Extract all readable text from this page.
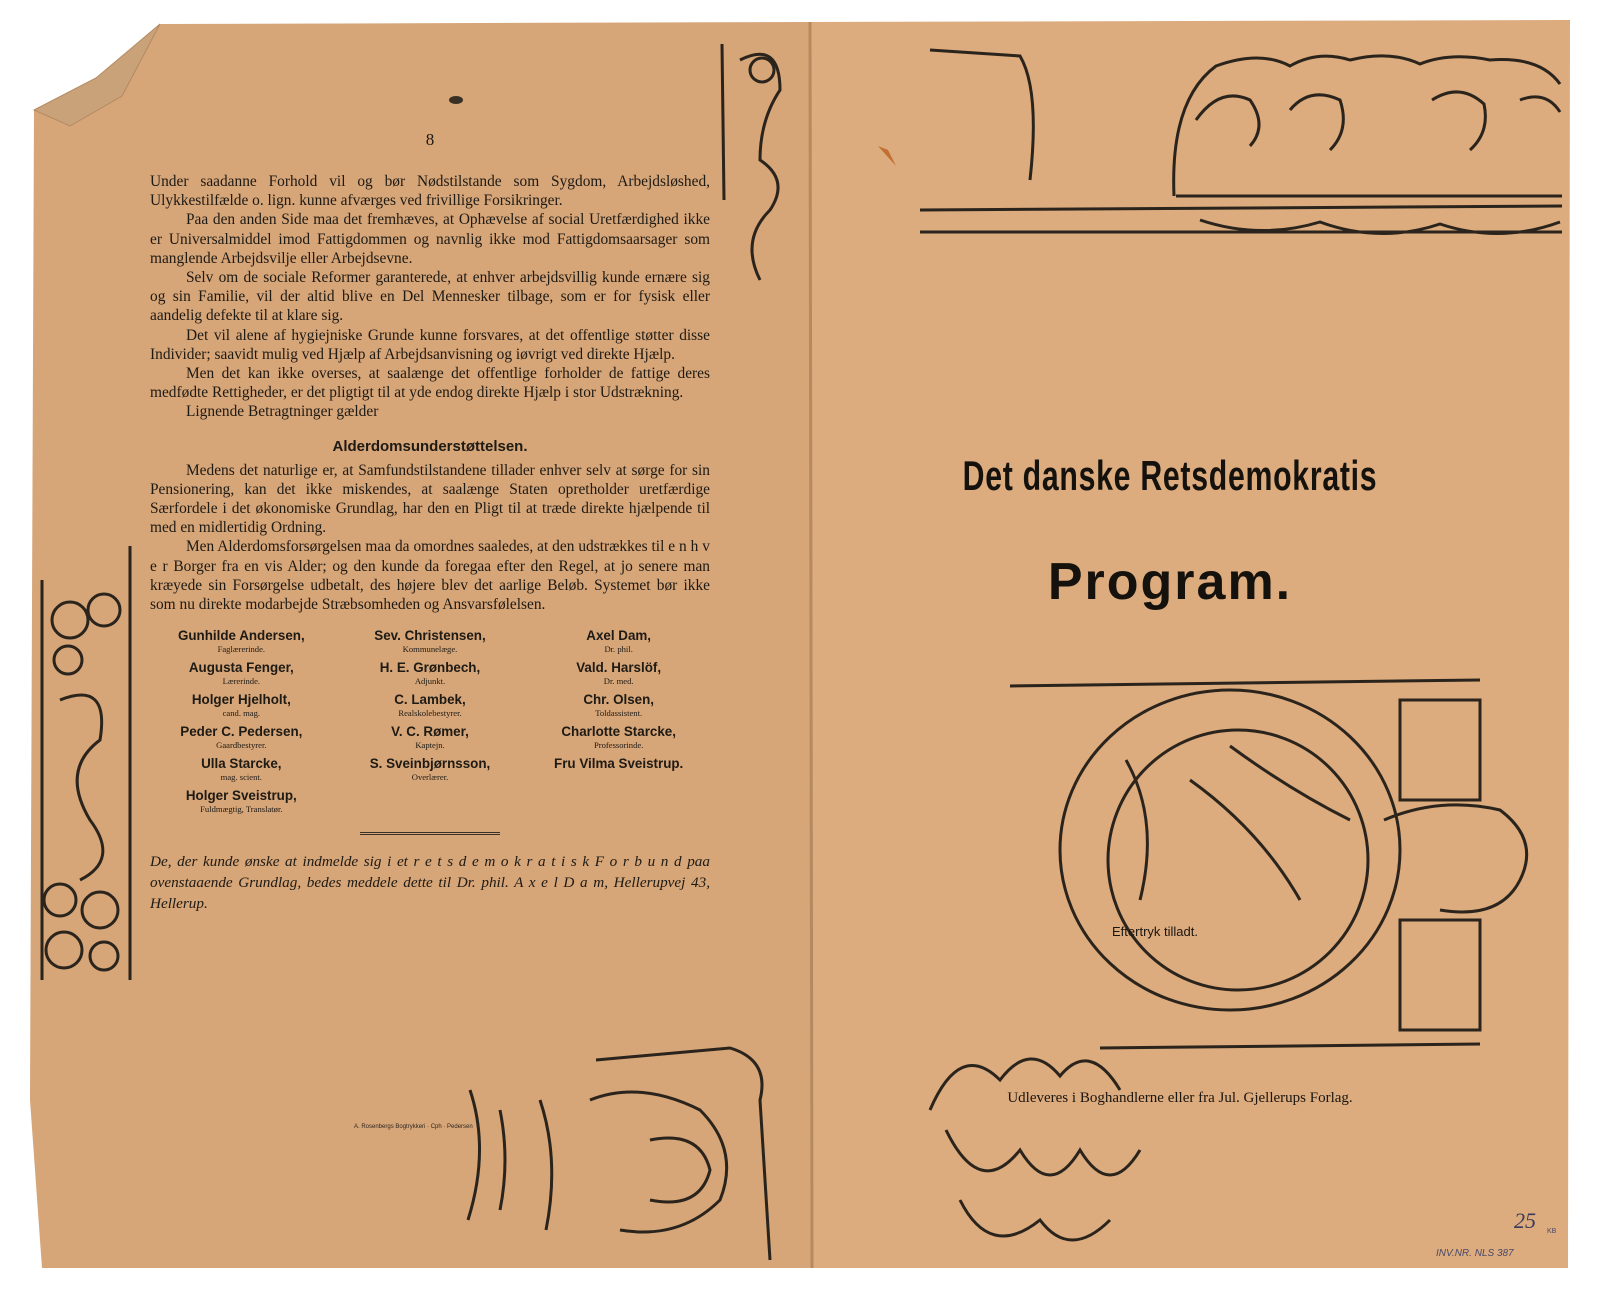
8

Under saadanne Forhold vil og bør Nødstilstande som Sygdom, Arbejdsløshed, Ulykkestilfælde o. lign. kunne afværges ved frivillige Forsikringer.

Paa den anden Side maa det fremhæves, at Ophævelse af social Uretfærdighed ikke er Universalmiddel imod Fattigdommen og navnlig ikke mod Fattigdomsaarsager som manglende Arbejdsvilje eller Arbejdsevne.

Selv om de sociale Reformer garanterede, at enhver arbejdsvillig kunde ernære sig og sin Familie, vil der altid blive en Del Mennesker tilbage, som er for fysisk eller aandelig defekte til at klare sig.

Det vil alene af hygiejniske Grunde kunne forsvares, at det offentlige støtter disse Individer; saavidt mulig ved Hjælp af Arbejdsanvisning og iøvrigt ved direkte Hjælp.

Men det kan ikke overses, at saalænge det offentlige forholder de fattige deres medfødte Rettigheder, er det pligtigt til at yde endog direkte Hjælp i stor Udstrækning.

Lignende Betragtninger gælder

Alderdomsunderstøttelsen.

Medens det naturlige er, at Samfundstilstandene tillader enhver selv at sørge for sin Pensionering, kan det ikke miskendes, at saalænge Staten opretholder uretfærdige Særfordele i det økonomiske Grundlag, har den en Pligt til at træde direkte hjælpende til med en midlertidig Ordning.

Men Alderdomsforsørgelsen maa da omordnes saaledes, at den udstrækkes til e n h v e r Borger fra en vis Alder; og den kunde da foregaa efter den Regel, at jo senere man kræyede sin Forsørgelse udbetalt, des højere blev det aarlige Beløb. Systemet bør ikke som nu direkte modarbejde Stræbsomheden og Ansvarsfølelsen.

Gunhilde Andersen,
Faglærerinde.
Sev. Christensen,
Kommunelæge.
Axel Dam,
Dr. phil.
Augusta Fenger,
Lærerinde.
H. E. Grønbech,
Adjunkt.
Vald. Harslöf,
Dr. med.
Holger Hjelholt,
cand. mag.
C. Lambek,
Realskolebestyrer.
Chr. Olsen,
Toldassistent.
Peder C. Pedersen,
Gaardbestyrer.
V. C. Rømer,
Kaptejn.
Charlotte Starcke,
Professorinde.
Ulla Starcke,
mag. scient.
S. Sveinbjørnsson,
Overlærer.
Fru Vilma Sveistrup.
Holger Sveistrup,
Fuldmægtig, Translatør.
De, der kunde ønske at indmelde sig i et r e t s d e m o k r a t i s k F o r b u n d paa ovenstaaende Grundlag, bedes meddele dette til Dr. phil. A x e l D a m, Hellerupvej 43, Hellerup.
A. Rosenbergs Bogtrykkeri · Cph · Pedersen
Det danske Retsdemokratis
Program.
Eftertryk tilladt.
Udleveres i Boghandlerne eller fra Jul. Gjellerups Forlag.
25 KB
INV.NR. NLS 387
